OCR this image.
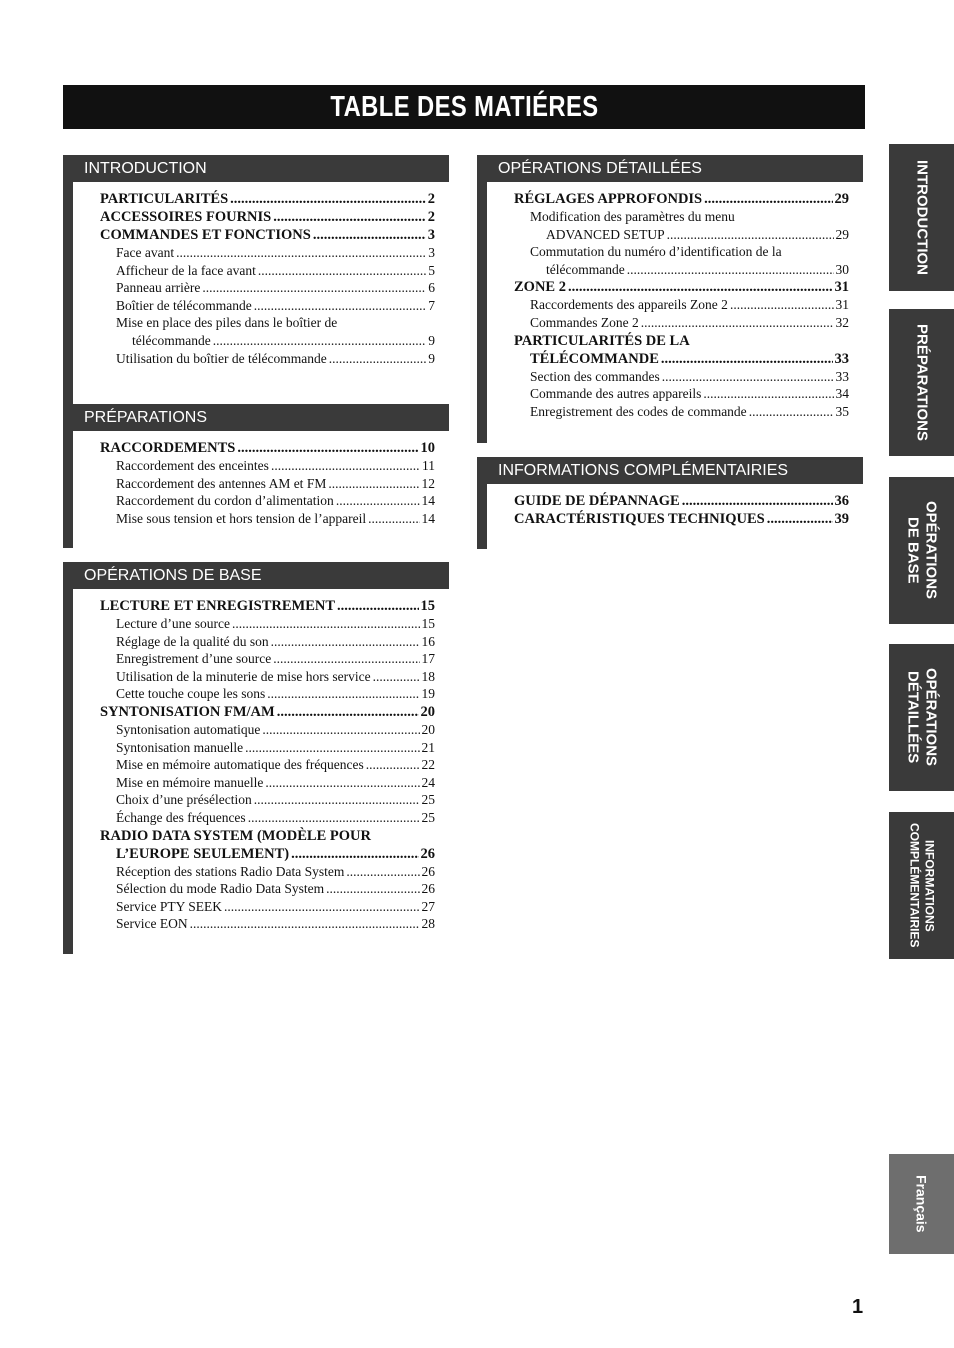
TABLE DES MATIÉRES
INTRODUCTION
PARTICULARITÉS .....	2
ACCESSOIRES FOURNIS .....	2
COMMANDES ET FONCTIONS .....	3
Face avant .....	3
Afficheur de la face avant .....	5
Panneau arrière .....	6
Boîtier de télécommande .....	7
Mise en place des piles dans le boîtier de
télécommande .....	9
Utilisation du boîtier de télécommande .....	9
PRÉPARATIONS
RACCORDEMENTS .....	10
Raccordement des enceintes .....	11
Raccordement des antennes AM et FM .....	12
Raccordement du cordon d’alimentation .....	14
Mise sous tension et hors tension de l’appareil .....	14
OPÉRATIONS DE BASE
LECTURE ET ENREGISTREMENT .....	15
Lecture d’une source .....	15
Réglage de la qualité du son .....	16
Enregistrement d’une source .....	17
Utilisation de la minuterie de mise hors service .....	18
Cette touche coupe les sons .....	19
SYNTONISATION FM/AM .....	20
Syntonisation automatique .....	20
Syntonisation manuelle .....	21
Mise en mémoire automatique des fréquences .....	22
Mise en mémoire manuelle .....	24
Choix d’une présélection .....	25
Échange des fréquences .....	25
RADIO DATA SYSTEM (MODÈLE POUR
L’EUROPE SEULEMENT) .....	26
Réception des stations Radio Data System .....	26
Sélection du mode Radio Data System .....	26
Service PTY SEEK .....	27
Service EON .....	28
OPÉRATIONS DÉTAILLÉES
RÉGLAGES APPROFONDIS .....	29
Modification des paramètres du menu
ADVANCED SETUP .....	29
Commutation du numéro d’identification de la
télécommande .....	30
ZONE 2 .....	31
Raccordements des appareils Zone 2 .....	31
Commandes Zone 2 .....	32
PARTICULARITÉS DE LA
TÉLÉCOMMANDE .....	33
Section des commandes .....	33
Commande des autres appareils .....	34
Enregistrement des codes de commande .....	35
INFORMATIONS COMPLÉMENTAIRIES
GUIDE DE DÉPANNAGE .....	36
CARACTÉRISTIQUES TECHNIQUES .....	39
INTRODUCTION
PRÉPARATIONS
OPÉRATIONS
DE BASE
OPÉRATIONS
DÉTAILLÉES
INFORMATIONS
COMPLÉMENTAIRIES
Français
1
